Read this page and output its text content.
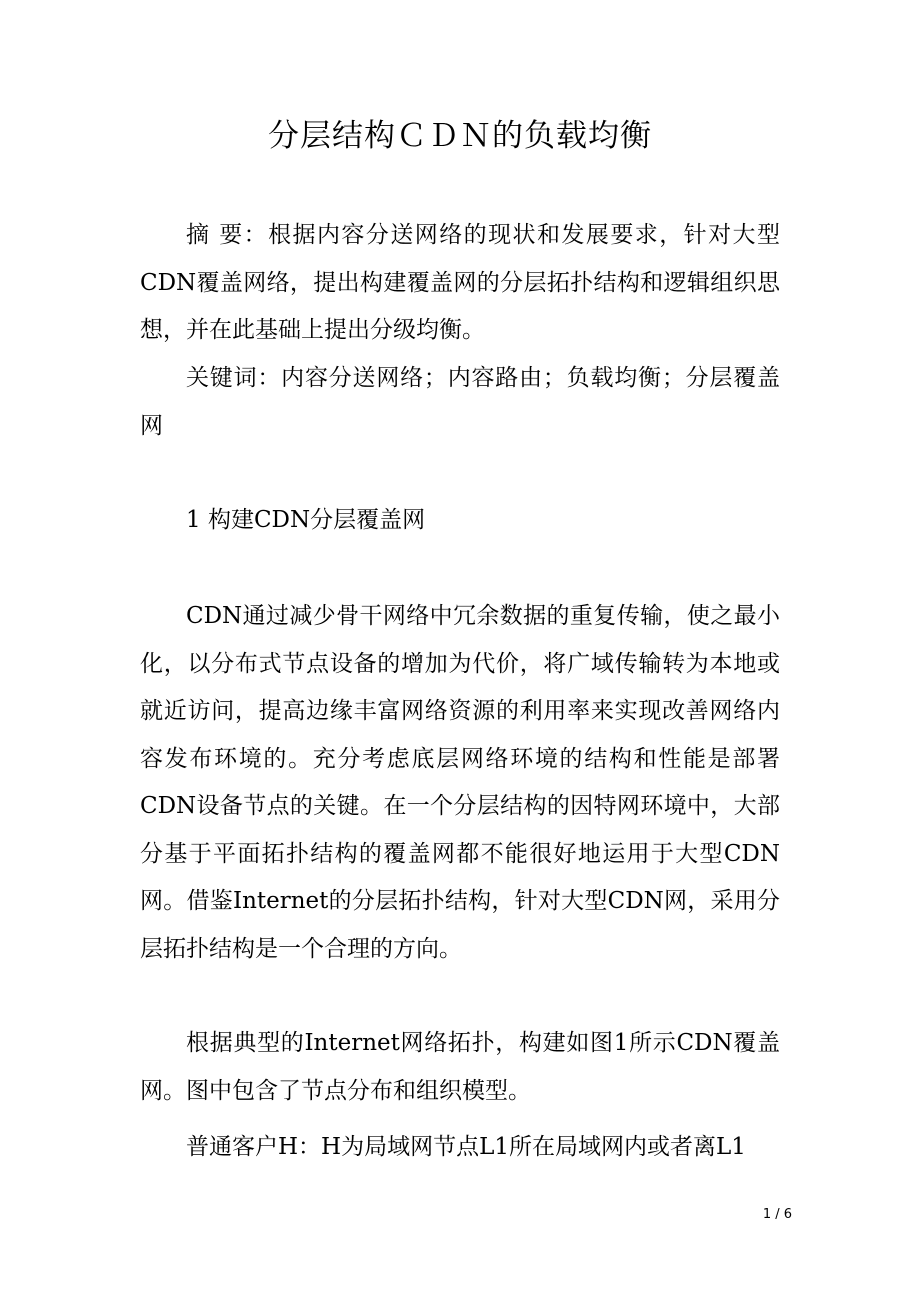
分层结构ＣＤＮ的负载均衡

摘 要：根据内容分送网络的现状和发展要求，针对大型CDN覆盖网络，提出构建覆盖网的分层拓扑结构和逻辑组织思想，并在此基础上提出分级均衡。

关键词：内容分送网络；内容路由；负载均衡；分层覆盖网

1 构建CDN分层覆盖网

CDN通过减少骨干网络中冗余数据的重复传输，使之最小化，以分布式节点设备的增加为代价，将广域传输转为本地或就近访问，提高边缘丰富网络资源的利用率来实现改善网络内容发布环境的。充分考虑底层网络环境的结构和性能是部署CDN设备节点的关键。在一个分层结构的因特网环境中，大部分基于平面拓扑结构的覆盖网都不能很好地运用于大型CDN网。借鉴Internet的分层拓扑结构，针对大型CDN网，采用分层拓扑结构是一个合理的方向。

根据典型的Internet网络拓扑，构建如图1所示CDN覆盖网。图中包含了节点分布和组织模型。

普通客户H：H为局域网节点L1所在局域网内或者离L1

1 / 6
